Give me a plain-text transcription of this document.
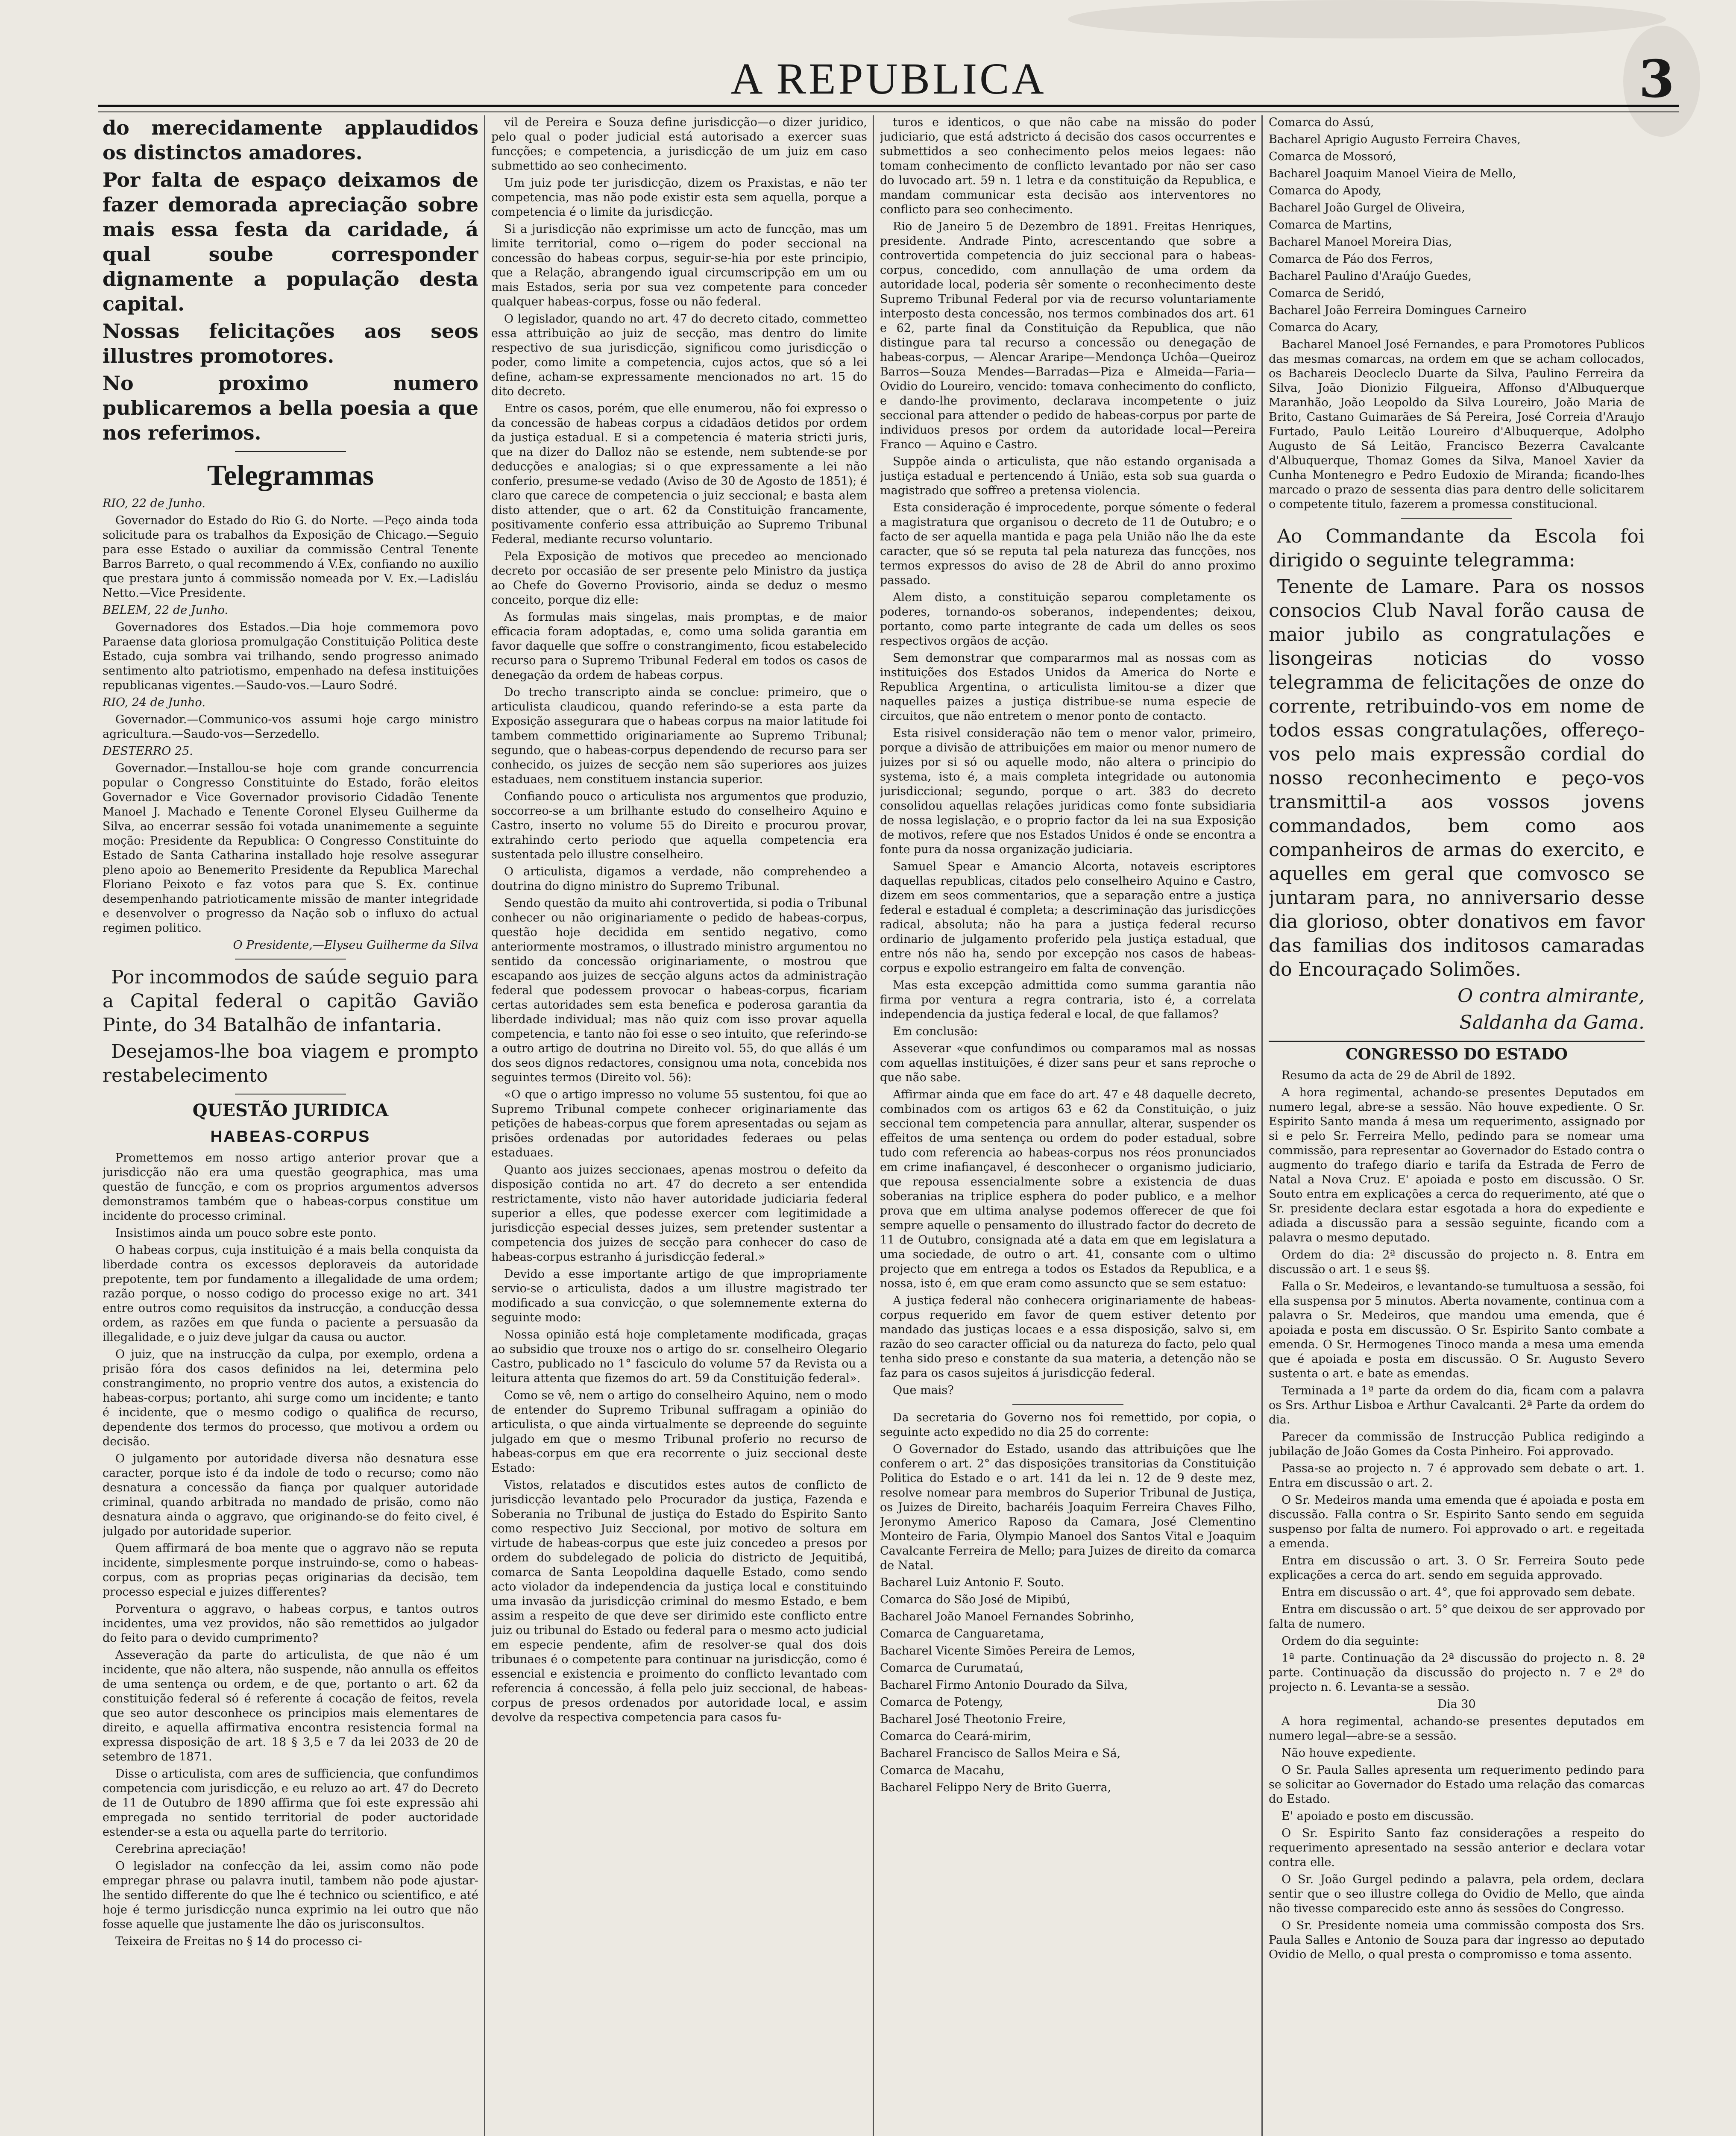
A REPUBLICA	3

do merecidamente applaudidos os distinctos amadores.

Por falta de espaço deixamos de fazer demorada apreciação sobre mais essa festa da caridade, á qual soube corresponder dignamente a população desta capital.

Nossas felicitações aos seos illustres promotores.

No proximo numero publicaremos a bella poesia a que nos referimos.

Telegrammas

RIO, 22 de Junho.

Governador do Estado do Rio G. do Norte. —Peço ainda toda solicitude para os trabalhos da Exposição de Chicago.—Seguio para esse Estado o auxiliar da commissão Central Tenente Barros Barreto, o qual recommendo á V.Ex, confiando no auxilio que prestara junto á commissão nomeada por V. Ex.—Ladisláu Netto.—Vice Presidente.

BELEM, 22 de Junho.

Governadores dos Estados.—Dia hoje commemora povo Paraense data gloriosa promulgação Constituição Politica deste Estado, cuja sombra vai trilhando, sendo progresso animado sentimento alto patriotismo, empenhado na defesa instituições republicanas vigentes.—Saudo-vos.—Lauro Sodré.

RIO, 24 de Junho.

Governador.—Communico-vos assumi hoje cargo ministro agricultura.—Saudo-vos—Serzedello.

DESTERRO 25.

Governador.—Installou-se hoje com grande concurrencia popular o Congresso Constituinte do Estado, forão eleitos Governador e Vice Governador provisorio Cidadão Tenente Manoel J. Machado e Tenente Coronel Elyseu Guilherme da Silva, ao encerrar sessão foi votada unanimemente a seguinte moção: Presidente da Republica: O Congresso Constituinte do Estado de Santa Catharina installado hoje resolve assegurar pleno apoio ao Benemerito Presidente da Republica Marechal Floriano Peixoto e faz votos para que S. Ex. continue desempenhando patrioticamente missão de manter integridade e desenvolver o progresso da Nação sob o influxo do actual regimen politico.

O Presidente,—Elyseu Guilherme da Silva

Por incommodos de saúde seguio para a Capital federal o capitão Gavião Pinte, do 34 Batalhão de infantaria.

Desejamos-lhe boa viagem e prompto restabelecimento

QUESTÃO JURIDICA
HABEAS-CORPUS

Promettemos em nosso artigo anterior provar que a jurisdicção não era uma questão geographica, mas uma questão de funcção, e com os proprios argumentos adversos demonstramos também que o habeas-corpus constitue um incidente do processo criminal.

Insistimos ainda um pouco sobre este ponto.

O habeas corpus, cuja instituição é a mais bella conquista da liberdade contra os excessos deploraveis da autoridade prepotente, tem por fundamento a illegalidade de uma ordem; razão porque, o nosso codigo do processo exige no art. 341 entre outros como requisitos da instrucção, a conducção dessa ordem, as razões em que funda o paciente a persuasão da illegalidade, e o juiz deve julgar da causa ou auctor.

O juiz, que na instrucção da culpa, por exemplo, ordena a prisão fóra dos casos definidos na lei, determina pelo constrangimento, no proprio ventre dos autos, a existencia do habeas-corpus; portanto, ahi surge como um incidente; e tanto é incidente, que o mesmo codigo o qualifica de recurso, dependente dos termos do processo, que motivou a ordem ou decisão.

O julgamento por autoridade diversa não desnatura esse caracter, porque isto é da indole de todo o recurso; como não desnatura a concessão da fiança por qualquer autoridade criminal, quando arbitrada no mandado de prisão, como não desnatura ainda o aggravo, que originando-se do feito civel, é julgado por autoridade superior.

Quem affirmará de boa mente que o aggravo não se reputa incidente, simplesmente porque instruindo-se, como o habeas-corpus, com as proprias peças originarias da decisão, tem processo especial e juizes differentes?

Porventura o aggravo, o habeas corpus, e tantos outros incidentes, uma vez providos, não são remettidos ao julgador do feito para o devido cumprimento?

Asseveração da parte do articulista, de que não é um incidente, que não altera, não suspende, não annulla os effeitos de uma sentença ou ordem, e de que, portanto o art. 62 da constituição federal só é referente á cocação de feitos, revela que seo autor desconhece os principios mais elementares de direito, e aquella affirmativa encontra resistencia formal na expressa disposição de art. 18 § 3,5 e 7 da lei 2033 de 20 de setembro de 1871.

Disse o articulista, com ares de sufficiencia, que confundimos competencia com jurisdicção, e eu reluzo ao art. 47 do Decreto de 11 de Outubro de 1890 affirma que foi este expressão ahi empregada no sentido territorial de poder auctoridade estender-se a esta ou aquella parte do territorio.

Cerebrina apreciação!

O legislador na confecção da lei, assim como não pode empregar phrase ou palavra inutil, tambem não pode ajustar-lhe sentido differente do que lhe é technico ou scientifico, e até hoje é termo jurisdicção nunca exprimio na lei outro que não fosse aquelle que justamente lhe dão os jurisconsultos.

Teixeira de Freitas no § 14 do processo ci-

vil de Pereira e Souza define jurisdicção—o dizer juridico, pelo qual o poder judicial está autorisado a exercer suas funcções; e competencia, a jurisdicção de um juiz em caso submettido ao seo conhecimento.

Um juiz pode ter jurisdicção, dizem os Praxistas, e não ter competencia, mas não pode existir esta sem aquella, porque a competencia é o limite da jurisdicção.

Si a jurisdicção não exprimisse um acto de funcção, mas um limite territorial, como o—rigem do poder seccional na concessão do habeas corpus, seguir-se-hia por este principio, que a Relação, abrangendo igual circumscripção em um ou mais Estados, seria por sua vez competente para conceder qualquer habeas-corpus, fosse ou não federal.

O legislador, quando no art. 47 do decreto citado, commetteo essa attribuição ao juiz de secção, mas dentro do limite respectivo de sua jurisdicção, significou como jurisdicção o poder, como limite a competencia, cujos actos, que só a lei define, acham-se expressamente mencionados no art. 15 do dito decreto.

Entre os casos, porém, que elle enumerou, não foi expresso o da concessão de habeas corpus a cidadãos detidos por ordem da justiça estadual. E si a competencia é materia stricti juris, que na dizer do Dalloz não se estende, nem subtende-se por deducções e analogias; si o que expressamente a lei não conferio, presume-se vedado (Aviso de 30 de Agosto de 1851); é claro que carece de competencia o juiz seccional; e basta alem disto attender, que o art. 62 da Constituição francamente, positivamente conferio essa attribuição ao Supremo Tribunal Federal, mediante recurso voluntario.

Pela Exposição de motivos que precedeo ao mencionado decreto por occasião de ser presente pelo Ministro da justiça ao Chefe do Governo Provisorio, ainda se deduz o mesmo conceito, porque diz elle:

As formulas mais singelas, mais promptas, e de maior efficacia foram adoptadas, e, como uma solida garantia em favor daquelle que soffre o constrangimento, ficou estabelecido recurso para o Supremo Tribunal Federal em todos os casos de denegação da ordem de habeas corpus.

Do trecho transcripto ainda se conclue: primeiro, que o articulista claudicou, quando referindo-se a esta parte da Exposição assegurara que o habeas corpus na maior latitude foi tambem commettido originariamente ao Supremo Tribunal; segundo, que o habeas-corpus dependendo de recurso para ser conhecido, os juizes de secção nem são superiores aos juizes estaduaes, nem constituem instancia superior.

Confiando pouco o articulista nos argumentos que produzio, soccorreo-se a um brilhante estudo do conselheiro Aquino e Castro, inserto no volume 55 do Direito e procurou provar, extrahindo certo periodo que aquella competencia era sustentada pelo illustre conselheiro.

O articulista, digamos a verdade, não comprehendeo a doutrina do digno ministro do Supremo Tribunal.

Sendo questão da muito ahi controvertida, si podia o Tribunal conhecer ou não originariamente o pedido de habeas-corpus, questão hoje decidida em sentido negativo, como anteriormente mostramos, o illustrado ministro argumentou no sentido da concessão originariamente, o mostrou que escapando aos juizes de secção alguns actos da administração federal que podessem provocar o habeas-corpus, ficariam certas autoridades sem esta benefica e poderosa garantia da liberdade individual; mas não quiz com isso provar aquella competencia, e tanto não foi esse o seo intuito, que referindo-se a outro artigo de doutrina no Direito vol. 55, do que allás é um dos seos dignos redactores, consignou uma nota, concebida nos seguintes termos (Direito vol. 56):

«O que o artigo impresso no volume 55 sustentou, foi que ao Supremo Tribunal compete conhecer originariamente das petições de habeas-corpus que forem apresentadas ou sejam as prisões ordenadas por autoridades federaes ou pelas estaduaes.

Quanto aos juizes seccionaes, apenas mostrou o defeito da disposição contida no art. 47 do decreto a ser entendida restrictamente, visto não haver autoridade judiciaria federal superior a elles, que podesse exercer com legitimidade a jurisdicção especial desses juizes, sem pretender sustentar a competencia dos juizes de secção para conhecer do caso de habeas-corpus estranho á jurisdicção federal.»

Devido a esse importante artigo de que impropriamente servio-se o articulista, dados a um illustre magistrado ter modificado a sua convicção, o que solemnemente externa do seguinte modo:

Nossa opinião está hoje completamente modificada, graças ao subsidio que trouxe nos o artigo do sr. conselheiro Olegario Castro, publicado no 1° fasciculo do volume 57 da Revista ou a leitura attenta que fizemos do art. 59 da Constituição federal».

Como se vê, nem o artigo do conselheiro Aquino, nem o modo de entender do Supremo Tribunal suffragam a opinião do articulista, o que ainda virtualmente se depreende do seguinte julgado em que o mesmo Tribunal proferio no recurso de habeas-corpus em que era recorrente o juiz seccional deste Estado:

Vistos, relatados e discutidos estes autos de conflicto de jurisdicção levantado pelo Procurador da justiça, Fazenda e Soberania no Tribunal de justiça do Estado do Espirito Santo como respectivo Juiz Seccional, por motivo de soltura em virtude de habeas-corpus que este juiz concedeo a presos por ordem do subdelegado de policia do districto de Jequitibá, comarca de Santa Leopoldina daquelle Estado, como sendo acto violador da independencia da justiça local e constituindo uma invasão da jurisdicção criminal do mesmo Estado, e bem assim a respeito de que deve ser dirimido este conflicto entre juiz ou tribunal do Estado ou federal para o mesmo acto judicial em especie pendente, afim de resolver-se qual dos dois tribunaes é o competente para continuar na jurisdicção, como é essencial e existencia e proimento do conflicto levantado com referencia á concessão, á fella pelo juiz seccional, de habeas-corpus de presos ordenados por autoridade local, e assim devolve da respectiva competencia para casos fu-

turos e identicos, o que não cabe na missão do poder judiciario, que está adstricto á decisão dos casos occurrentes e submettidos a seo conhecimento pelos meios legaes: não tomam conhecimento de conflicto levantado por não ser caso do luvocado art. 59 n. 1 letra e da constituição da Republica, e mandam communicar esta decisão aos interventores no conflicto para seo conhecimento.

Rio de Janeiro 5 de Dezembro de 1891. Freitas Henriques, presidente. Andrade Pinto, acrescentando que sobre a controvertida competencia do juiz seccional para o habeas-corpus, concedido, com annullação de uma ordem da autoridade local, poderia sêr somente o reconhecimento deste Supremo Tribunal Federal por via de recurso voluntariamente interposto desta concessão, nos termos combinados dos art. 61 e 62, parte final da Constituição da Republica, que não distingue para tal recurso a concessão ou denegação de habeas-corpus, — Alencar Araripe—Mendonça Uchôa—Queiroz Barros—Souza Mendes—Barradas—Piza e Almeida—Faria—Ovidio do Loureiro, vencido: tomava conhecimento do conflicto, e dando-lhe provimento, declarava incompetente o juiz seccional para attender o pedido de habeas-corpus por parte de individuos presos por ordem da autoridade local—Pereira Franco — Aquino e Castro.

Suppõe ainda o articulista, que não estando organisada a justiça estadual e pertencendo á União, esta sob sua guarda o magistrado que soffreo a pretensa violencia.

Esta consideração é improcedente, porque sómente o federal a magistratura que organisou o decreto de 11 de Outubro; e o facto de ser aquella mantida e paga pela União não lhe da este caracter, que só se reputa tal pela natureza das funcções, nos termos expressos do aviso de 28 de Abril do anno proximo passado.

Alem disto, a constituição separou completamente os poderes, tornando-os soberanos, independentes; deixou, portanto, como parte integrante de cada um delles os seos respectivos orgãos de acção.

Sem demonstrar que compararmos mal as nossas com as instituições dos Estados Unidos da America do Norte e Republica Argentina, o articulista limitou-se a dizer que naquelles paizes a justiça distribue-se numa especie de circuitos, que não entretem o menor ponto de contacto.

Esta risivel consideração não tem o menor valor, primeiro, porque a divisão de attribuições em maior ou menor numero de juizes por si só ou aquelle modo, não altera o principio do systema, isto é, a mais completa integridade ou autonomia jurisdiccional; segundo, porque o art. 383 do decreto consolidou aquellas relações juridicas como fonte subsidiaria de nossa legislação, e o proprio factor da lei na sua Exposição de motivos, refere que nos Estados Unidos é onde se encontra a fonte pura da nossa organização judiciaria.

Samuel Spear e Amancio Alcorta, notaveis escriptores daquellas republicas, citados pelo conselheiro Aquino e Castro, dizem em seos commentarios, que a separação entre a justiça federal e estadual é completa; a descriminação das jurisdicções radical, absoluta; não ha para a justiça federal recurso ordinario de julgamento proferido pela justiça estadual, que entre nós não ha, sendo por excepção nos casos de habeas-corpus e expolio estrangeiro em falta de convenção.

Mas esta excepção admittida como summa garantia não firma por ventura a regra contraria, isto é, a correlata independencia da justiça federal e local, de que fallamos?

Em conclusão:

Asseverar «que confundimos ou comparamos mal as nossas com aquellas instituições, é dizer sans peur et sans reproche o que não sabe.

Affirmar ainda que em face do art. 47 e 48 daquelle decreto, combinados com os artigos 63 e 62 da Constituição, o juiz seccional tem competencia para annullar, alterar, suspender os effeitos de uma sentença ou ordem do poder estadual, sobre tudo com referencia ao habeas-corpus nos réos pronunciados em crime inafiançavel, é desconhecer o organismo judiciario, que repousa essencialmente sobre a existencia de duas soberanias na triplice esphera do poder publico, e a melhor prova que em ultima analyse podemos offerecer de que foi sempre aquelle o pensamento do illustrado factor do decreto de 11 de Outubro, consignada até a data em que em legislatura a uma sociedade, de outro o art. 41, consante com o ultimo projecto que em entrega a todos os Estados da Republica, e a nossa, isto é, em que eram como assuncto que se sem estatuo:

A justiça federal não conhecera originariamente de habeas-corpus requerido em favor de quem estiver detento por mandado das justiças locaes e a essa disposição, salvo si, em razão do seo caracter official ou da natureza do facto, pelo qual tenha sido preso e constante da sua materia, a detenção não se faz para os casos sujeitos á jurisdicção federal.

Que mais?

Da secretaria do Governo nos foi remettido, por copia, o seguinte acto expedido no dia 25 do corrente:

O Governador do Estado, usando das attribuições que lhe conferem o art. 2° das disposições transitorias da Constituição Politica do Estado e o art. 141 da lei n. 12 de 9 deste mez, resolve nomear para membros do Superior Tribunal de Justiça, os Juizes de Direito, bacharéis Joaquim Ferreira Chaves Filho, Jeronymo Americo Raposo da Camara, José Clementino Monteiro de Faria, Olympio Manoel dos Santos Vital e Joaquim Cavalcante Ferreira de Mello; para Juizes de direito da comarca de Natal.

Bacharel Luiz Antonio F. Souto.

Comarca do São José de Mipibú,

Bacharel João Manoel Fernandes Sobrinho,

Comarca de Canguaretama,

Bacharel Vicente Simões Pereira de Lemos,

Comarca de Curumataú,

Bacharel Firmo Antonio Dourado da Silva,

Comarca de Potengy,

Bacharel José Theotonio Freire,

Comarca do Ceará-mirim,

Bacharel Francisco de Sallos Meira e Sá,

Comarca de Macahu,

Bacharel Felippo Nery de Brito Guerra,

Comarca do Assú,

Bacharel Aprigio Augusto Ferreira Chaves,

Comarca de Mossoró,

Bacharel Joaquim Manoel Vieira de Mello,

Comarca do Apody,

Bacharel João Gurgel de Oliveira,

Comarca de Martins,

Bacharel Manoel Moreira Dias,

Comarca de Páo dos Ferros,

Bacharel Paulino d'Araújo Guedes,

Comarca de Seridó,

Bacharel João Ferreira Domingues Carneiro

Comarca do Acary,

Bacharel Manoel José Fernandes, e para Promotores Publicos das mesmas comarcas, na ordem em que se acham collocados, os Bachareis Deocleclo Duarte da Silva, Paulino Ferreira da Silva, João Dionizio Filgueira, Affonso d'Albuquerque Maranhão, João Leopoldo da Silva Loureiro, João Maria de Brito, Castano Guimarães de Sá Pereira, José Correia d'Araujo Furtado, Paulo Leitão Loureiro d'Albuquerque, Adolpho Augusto de Sá Leitão, Francisco Bezerra Cavalcante d'Albuquerque, Thomaz Gomes da Silva, Manoel Xavier da Cunha Montenegro e Pedro Eudoxio de Miranda; ficando-lhes marcado o prazo de sessenta dias para dentro delle solicitarem o competente titulo, fazerem a promessa constitucional.

Ao Commandante da Escola foi dirigido o seguinte telegramma:

Tenente de Lamare. Para os nossos consocios Club Naval forão causa de maior jubilo as congratulações e lisongeiras noticias do vosso telegramma de felicitações de onze do corrente, retribuindo-vos em nome de todos essas congratulações, offereço-vos pelo mais expressão cordial do nosso reconhecimento e peço-vos transmittil-a aos vossos jovens commandados, bem como aos companheiros de armas do exercito, e aquelles em geral que comvosco se juntaram para, no anniversario desse dia glorioso, obter donativos em favor das familias dos inditosos camaradas do Encouraçado Solimões.

O contra almirante,

Saldanha da Gama.

CONGRESSO DO ESTADO

Resumo da acta de 29 de Abril de 1892.

A hora regimental, achando-se presentes Deputados em numero legal, abre-se a sessão. Não houve expediente. O Sr. Espirito Santo manda á mesa um requerimento, assignado por si e pelo Sr. Ferreira Mello, pedindo para se nomear uma commissão, para representar ao Governador do Estado contra o augmento do trafego diario e tarifa da Estrada de Ferro de Natal a Nova Cruz. E' apoiada e posto em discussão. O Sr. Souto entra em explicações a cerca do requerimento, até que o Sr. presidente declara estar esgotada a hora do expediente e adiada a discussão para a sessão seguinte, ficando com a palavra o mesmo deputado.

Ordem do dia: 2ª discussão do projecto n. 8. Entra em discussão o art. 1 e seus §§.

Falla o Sr. Medeiros, e levantando-se tumultuosa a sessão, foi ella suspensa por 5 minutos. Aberta novamente, continua com a palavra o Sr. Medeiros, que mandou uma emenda, que é apoiada e posta em discussão. O Sr. Espirito Santo combate a emenda. O Sr. Hermogenes Tinoco manda a mesa uma emenda que é apoiada e posta em discussão. O Sr. Augusto Severo sustenta o art. e bate as emendas.

Terminada a 1ª parte da ordem do dia, ficam com a palavra os Srs. Arthur Lisboa e Arthur Cavalcanti. 2ª Parte da ordem do dia.

Parecer da commissão de Instrucção Publica redigindo a jubilação de João Gomes da Costa Pinheiro. Foi approvado.

Passa-se ao projecto n. 7 é approvado sem debate o art. 1. Entra em discussão o art. 2.

O Sr. Medeiros manda uma emenda que é apoiada e posta em discussão. Falla contra o Sr. Espirito Santo sendo em seguida suspenso por falta de numero. Foi approvado o art. e regeitada a emenda.

Entra em discussão o art. 3. O Sr. Ferreira Souto pede explicações a cerca do art. sendo em seguida approvado.

Entra em discussão o art. 4°, que foi approvado sem debate.

Entra em discussão o art. 5° que deixou de ser approvado por falta de numero.

Ordem do dia seguinte:

1ª parte. Continuação da 2ª discussão do projecto n. 8. 2ª parte. Continuação da discussão do projecto n. 7 e 2ª do projecto n. 6. Levanta-se a sessão.

Dia 30

A hora regimental, achando-se presentes deputados em numero legal—abre-se a sessão.

Não houve expediente.

O Sr. Paula Salles apresenta um requerimento pedindo para se solicitar ao Governador do Estado uma relação das comarcas do Estado.

E' apoiado e posto em discussão.

O Sr. Espirito Santo faz considerações a respeito do requerimento apresentado na sessão anterior e declara votar contra elle.

O Sr. João Gurgel pedindo a palavra, pela ordem, declara sentir que o seo illustre collega do Ovidio de Mello, que ainda não tivesse comparecido este anno ás sessões do Congresso.

O Sr. Presidente nomeia uma commissão composta dos Srs. Paula Salles e Antonio de Souza para dar ingresso ao deputado Ovidio de Mello, o qual presta o compromisso e toma assento.
